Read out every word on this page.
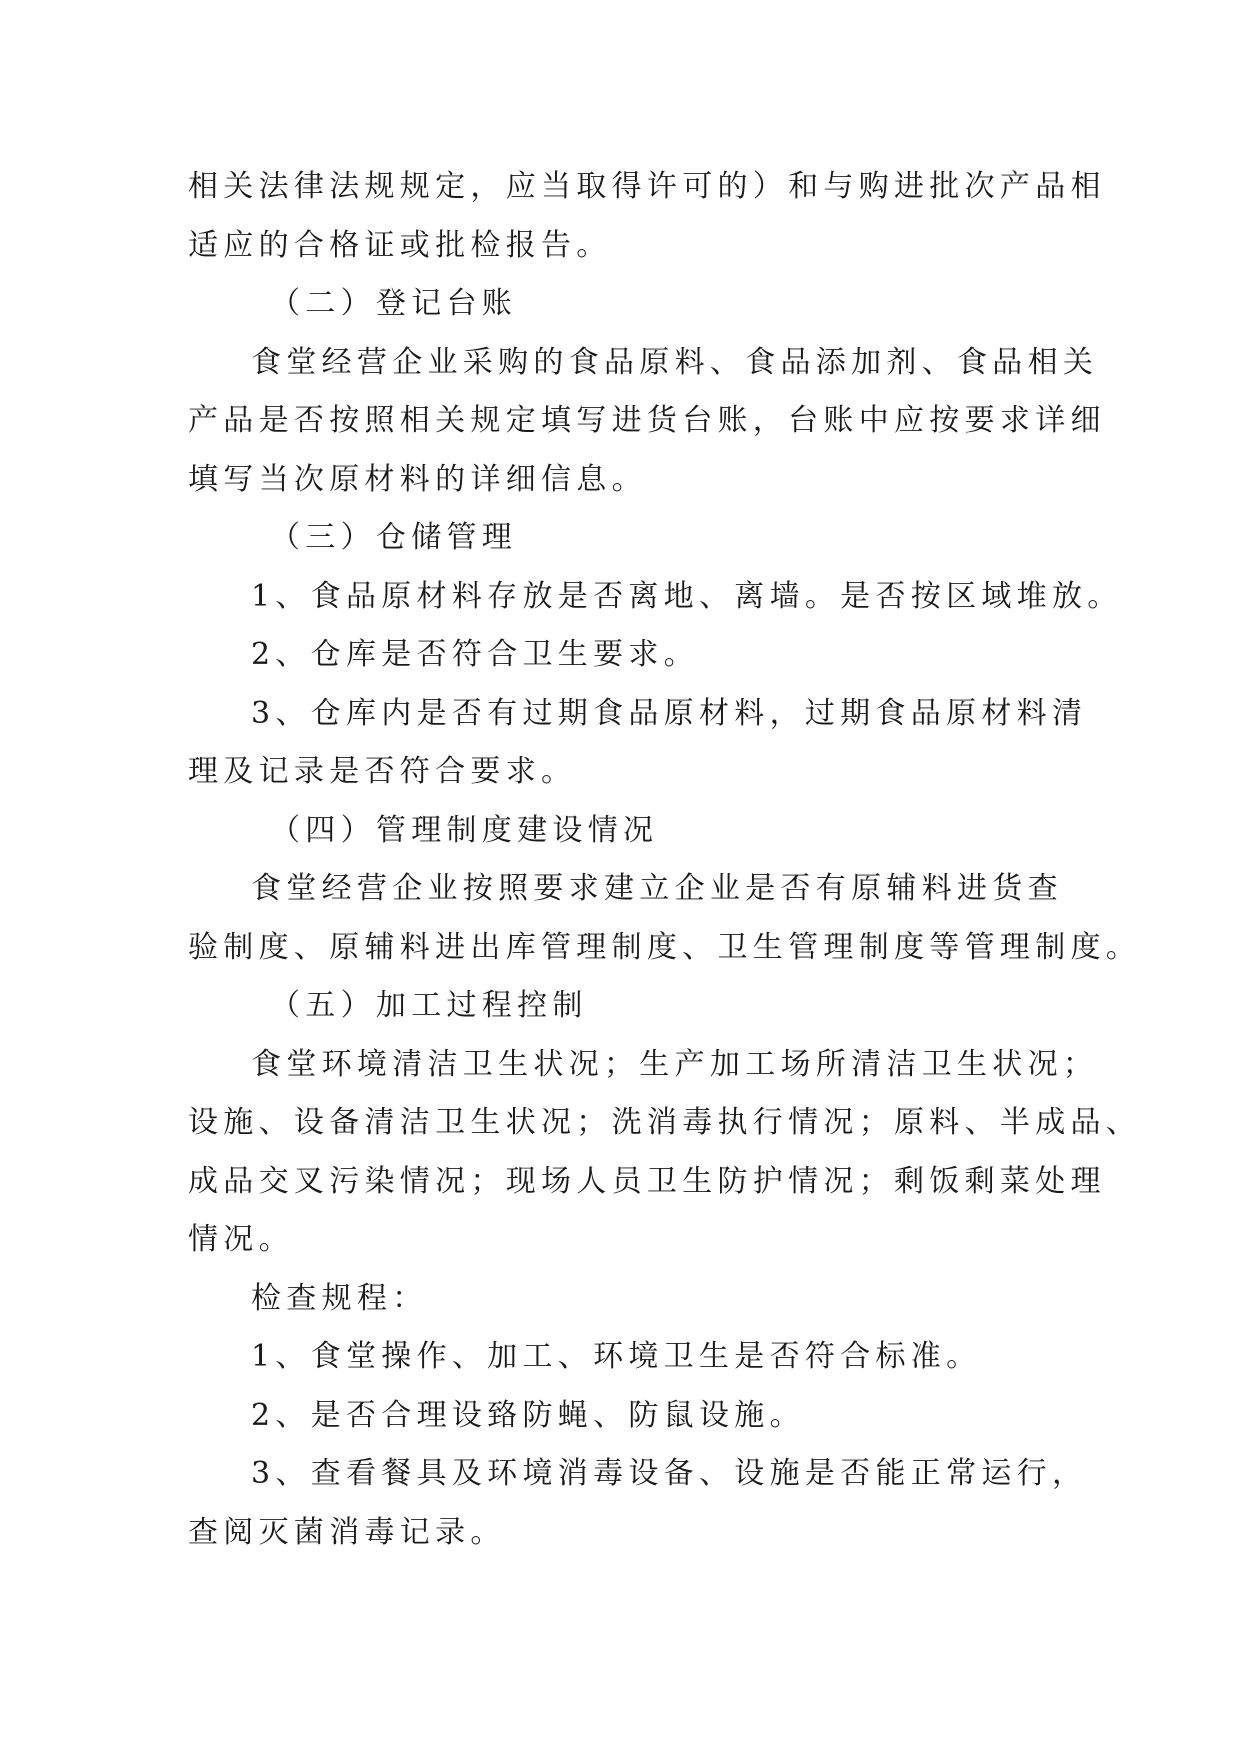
相关法律法规规定，应当取得许可的）和与购进批次产品相

适应的合格证或批检报告。

（二）登记台账

食堂经营企业采购的食品原料、食品添加剂、食品相关

产品是否按照相关规定填写进货台账，台账中应按要求详细

填写当次原材料的详细信息。

（三）仓储管理

1、食品原材料存放是否离地、离墙。是否按区域堆放。

2、仓库是否符合卫生要求。

3、仓库内是否有过期食品原材料，过期食品原材料清

理及记录是否符合要求。

（四）管理制度建设情况

食堂经营企业按照要求建立企业是否有原辅料进货查

验制度、原辅料进出库管理制度、卫生管理制度等管理制度。

（五）加工过程控制

食堂环境清洁卫生状况；生产加工场所清洁卫生状况；

设施、设备清洁卫生状况；洗消毒执行情况；原料、半成品、

成品交叉污染情况；现场人员卫生防护情况；剩饭剩菜处理

情况。

检查规程：

1、食堂操作、加工、环境卫生是否符合标准。

2、是否合理设臵防蝇、防鼠设施。

3、查看餐具及环境消毒设备、设施是否能正常运行，

查阅灭菌消毒记录。
